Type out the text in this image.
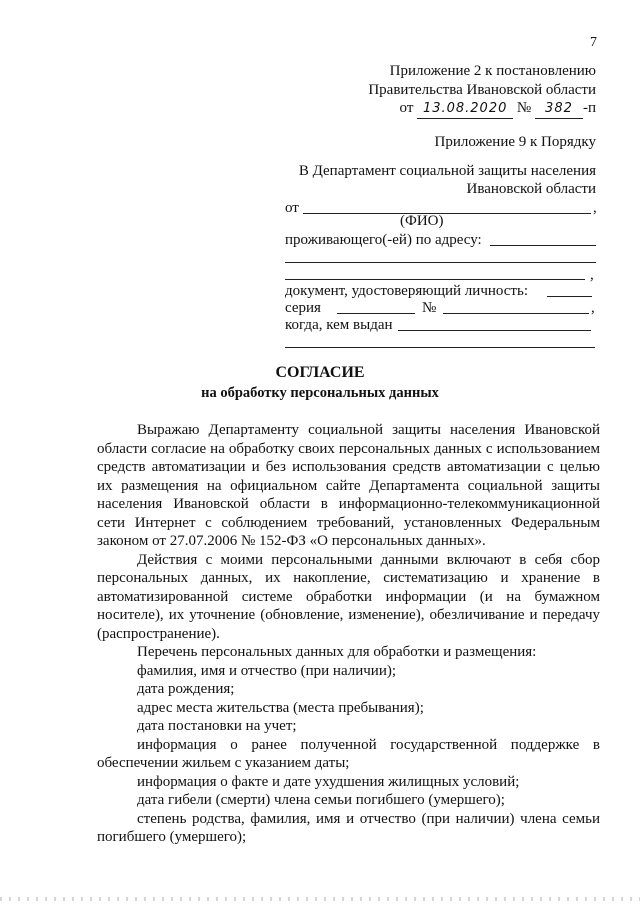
7
Приложение 2 к постановлению
Правительства Ивановской области
от 13.08.2020 № 382 -п
Приложение 9 к Порядку
В Департамент социальной защиты населения
Ивановской области
от	,
(ФИО)
проживающего(-ей) по адресу:
,
документ, удостоверяющий личность:
серия	№	,
когда, кем выдан
СОГЛАСИЕ
на обработку персональных данных

Выражаю Департаменту социальной защиты населения Ивановской области согласие на обработку своих персональных данных с использованием средств автоматизации и без использования средств автоматизации с целью их размещения на официальном сайте Департамента социальной защиты населения Ивановской области в информационно-телекоммуникационной сети Интернет с соблюдением требований, установленных Федеральным законом от 27.07.2006 № 152-ФЗ «О персональных данных».

Действия с моими персональными данными включают в себя сбор персональных данных, их накопление, систематизацию и хранение в автоматизированной системе обработки информации (и на бумажном носителе), их уточнение (обновление, изменение), обезличивание и передачу (распространение).

Перечень персональных данных для обработки и размещения:

фамилия, имя и отчество (при наличии);

дата рождения;

адрес места жительства (места пребывания);

дата постановки на учет;

информация о ранее полученной государственной поддержке в обеспечении жильем с указанием даты;

информация о факте и дате ухудшения жилищных условий;

дата гибели (смерти) члена семьи погибшего (умершего);

степень родства, фамилия, имя и отчество (при наличии) члена семьи погибшего (умершего);
